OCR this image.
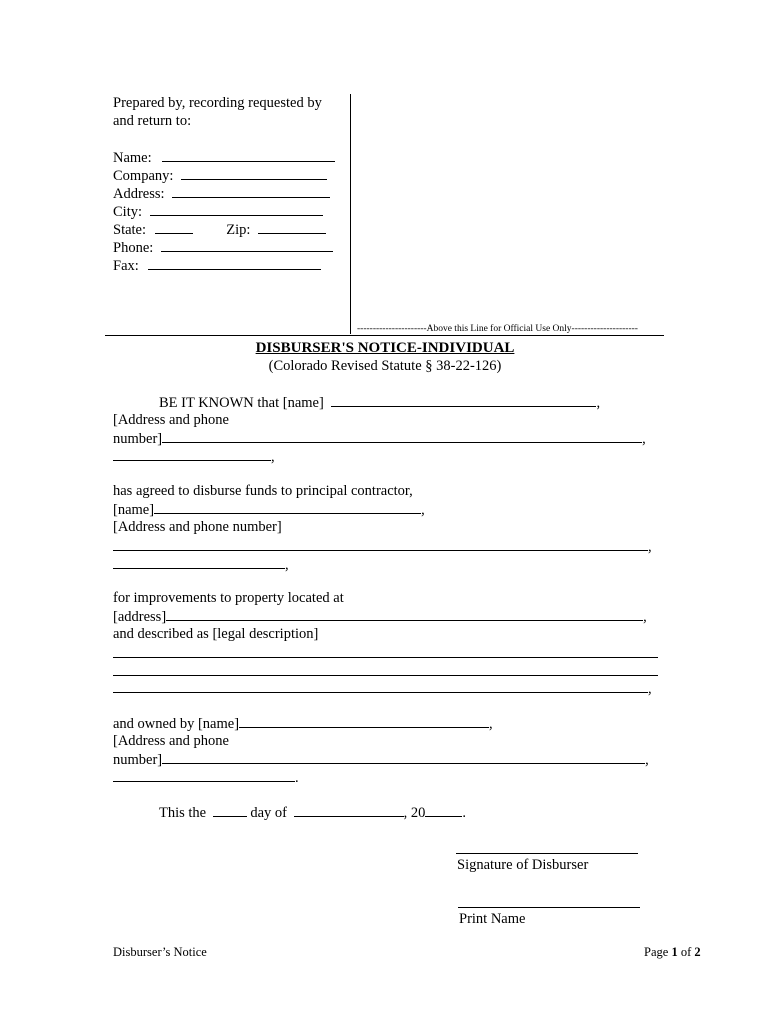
Prepared by, recording requested by
and return to:
Name:
Company:
Address:
City:
State:	Zip:
Phone:
Fax:
----------------------Above this Line for Official Use Only---------------------
DISBURSER'S NOTICE-INDIVIDUAL
(Colorado Revised Statute § 38-22-126)
BE IT KNOWN that [name]	,
[Address and phone
number]	,
,
has agreed to disburse funds to principal contractor,
[name]	,
[Address and phone number]
,
,
for improvements to property located at
[address]	,
and described as [legal description]
,
and owned by [name]	,
[Address and phone
number]	,
.
This the	day of	, 20	.
Signature of Disburser
Print Name
Disburser’s Notice	Page 1 of 2
